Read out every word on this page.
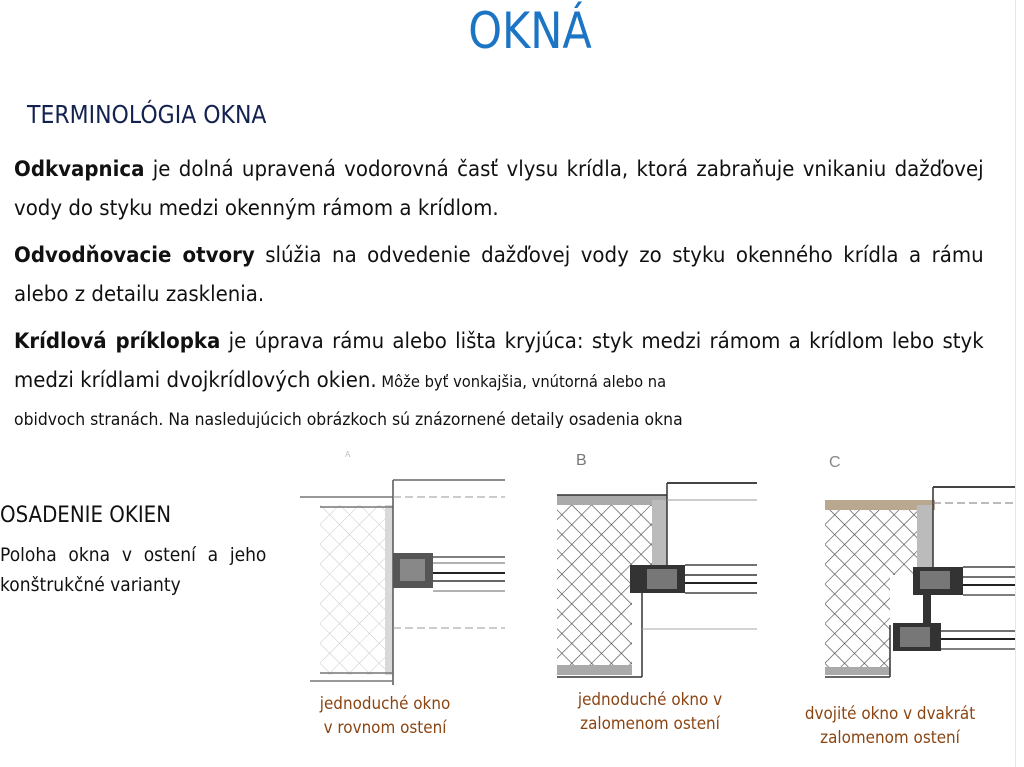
OKNÁ
TERMINOLÓGIA OKNA
Odkvapnica je dolná upravená vodorovná časť vlysu krídla, ktorá zabraňuje vnikaniu dažďovej vody do styku medzi okenným rámom a krídlom.
Odvodňovacie otvory slúžia na odvedenie dažďovej vody zo styku okenného krídla a rámu alebo z detailu zasklenia.
Krídlová príklopka je úprava rámu alebo lišta kryjúca: styk medzi rámom a krídlom lebo styk medzi krídlami dvojkrídlových okien. Môže byť vonkajšia, vnútorná alebo na
obidvoch stranách. Na nasledujúcich obrázkoch sú znázornené detaily osadenia okna
OSADENIE OKIEN
Poloha okna v ostení a jeho konštrukčné varianty
A	B	C
jednoduché okno
v rovnom ostení
jednoduché okno v
zalomenom ostení
dvojité okno v dvakrát
zalomenom ostení
